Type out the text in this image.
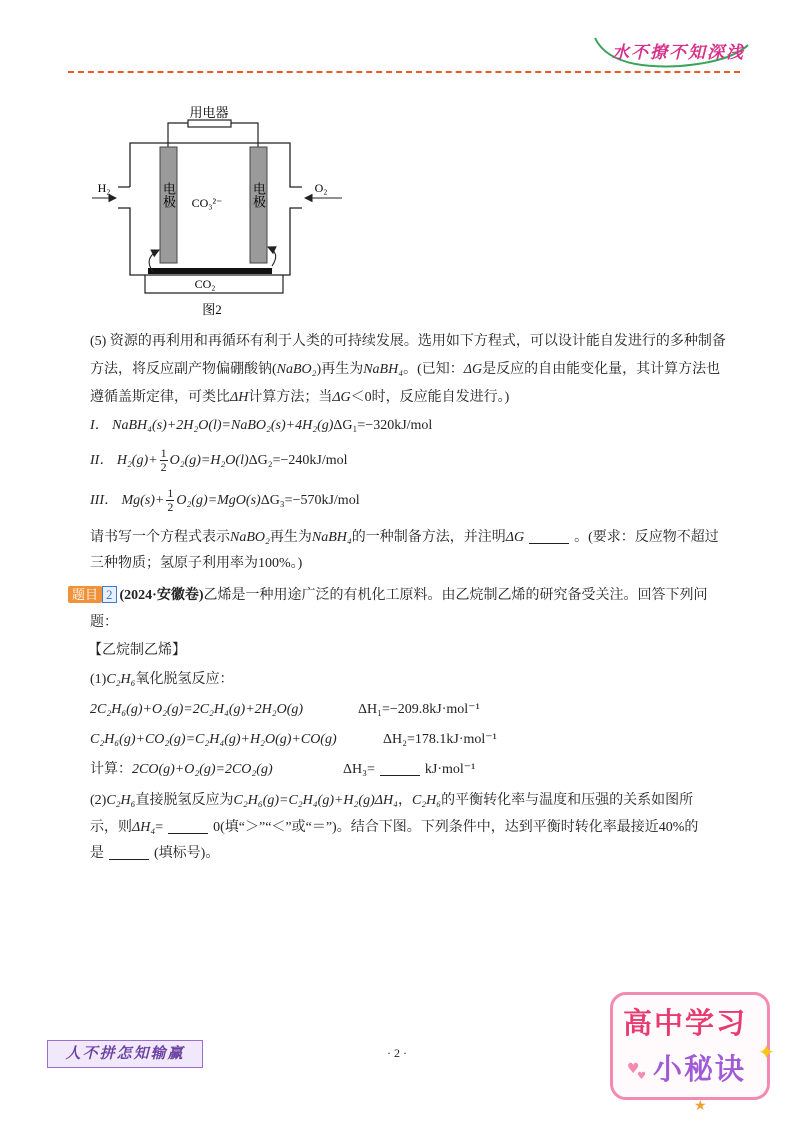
水不撩不知深浅
用电器
电极	电极
CO₃²⁻
CO₂
H₂	O₂
图2
(5) 资源的再利用和再循环有利于人类的可持续发展。选用如下方程式，可以设计能自发进行的多种制备
方法，将反应副产物偏硼酸钠(NaBO₂)再生为NaBH₄。(已知：ΔG是反应的自由能变化量，其计算方法也
遵循盖斯定律，可类比ΔH计算方法；当ΔG＜0时，反应能自发进行。)
I． NaBH₄(s)+2H₂O(l)=NaBO₂(s)+4H₂(g)ΔG₁=−320kJ/mol
II． $H_2(g)+ \frac{1}{2} O_2(g)=H_2O(l)\Delta G_2=-240kJ/mol$
III． $Mg(s)+ \frac{1}{2} O_2(g)=MgO(s)\Delta G_3=-570kJ/mol$
请书写一个方程式表示NaBO₂再生为NaBH₄的一种制备方法，并注明ΔG	。(要求：反应物不超过
三种物质；氢原子利用率为100%。)
题目 2 (2024·安徽卷)乙烯是一种用途广泛的有机化工原料。由乙烷制乙烯的研究备受关注。回答下列问
题：
【乙烷制乙烯】
(1)C₂H₆氧化脱氢反应：
2C₂H₆(g)+O₂(g)=2C₂H₄(g)+2H₂O(g)	ΔH₁=−209.8kJ·mol⁻¹
C₂H₆(g)+CO₂(g)=C₂H₄(g)+H₂O(g)+CO(g)	ΔH₂=178.1kJ·mol⁻¹
计算：2CO(g)+O₂(g)=2CO₂(g)	ΔH₃=	kJ·mol⁻¹
(2)C₂H₆直接脱氢反应为C₂H₆(g)=C₂H₄(g)+H₂(g)ΔH₄，C₂H₆的平衡转化率与温度和压强的关系如图所
示，则ΔH₄=	0(填“＞”“＜”或“＝”)。结合下图。下列条件中，达到平衡时转化率最接近40%的
是	(填标号)。
人不拼怎知输赢	· 2 ·
高中学习
小秘诀
♥
♥
✦
★
